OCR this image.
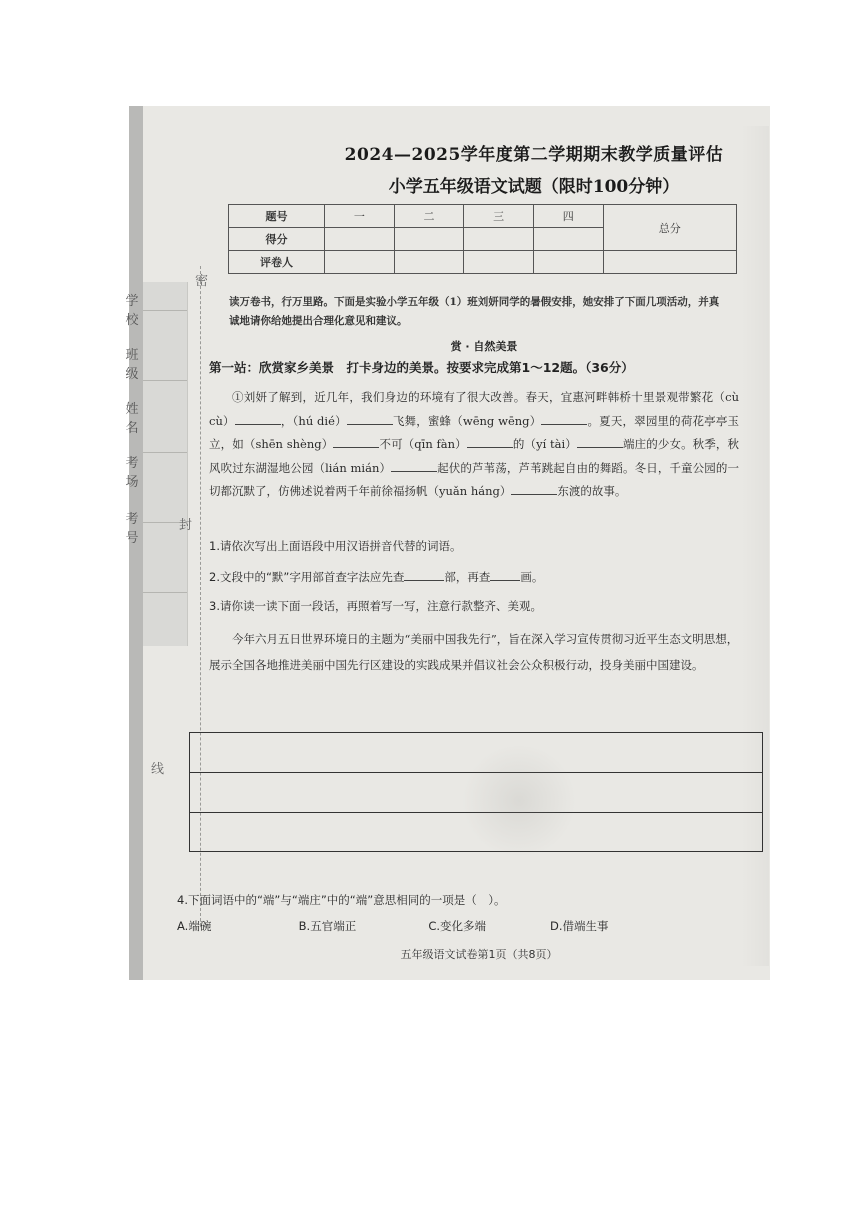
学 校
班 级
姓 名
考 场
考 号
密
封
线
2024—2025学年度第二学期期末教学质量评估
小学五年级语文试题（限时100分钟）
题号	一	二	三	四	总分
得分					
评卷人					
读万卷书，行万里路。下面是实验小学五年级（1）班刘妍同学的暑假安排，她安排了下面几项活动，并真诚地请你给她提出合理化意见和建议。
赏 · 自然美景
第一站：欣赏家乡美景　打卡身边的美景。按要求完成第1～12题。（36分）
①刘妍了解到，近几年，我们身边的环境有了很大改善。春天，宜惠河畔韩桥十里景观带繁花（cù cù）	，（hú dié）	飞舞，蜜蜂（wēng wēng）	。夏天，翠园里的荷花亭亭玉立，如（shēn shèng）	不可（qīn fàn）	的（yí tài）	端庄的少女。秋季，秋风吹过东湖湿地公园（lián mián）	起伏的芦苇荡，芦苇跳起自由的舞蹈。冬日，千童公园的一切都沉默了，仿佛述说着两千年前徐福扬帆（yuǎn háng）	东渡的故事。
1.请依次写出上面语段中用汉语拼音代替的词语。
2.文段中的“默”字用部首查字法应先查	部，再查	画。
3.请你读一读下面一段话，再照着写一写，注意行款整齐、美观。
今年六月五日世界环境日的主题为“美丽中国我先行”，旨在深入学习宣传贯彻习近平生态文明思想，展示全国各地推进美丽中国先行区建设的实践成果并倡议社会公众积极行动，投身美丽中国建设。
4.下面词语中的“端”与“端庄”中的“端”意思相同的一项是（　）。
A.端碗	B.五官端正	C.变化多端	D.借端生事
五年级语文试卷第1页（共8页）
